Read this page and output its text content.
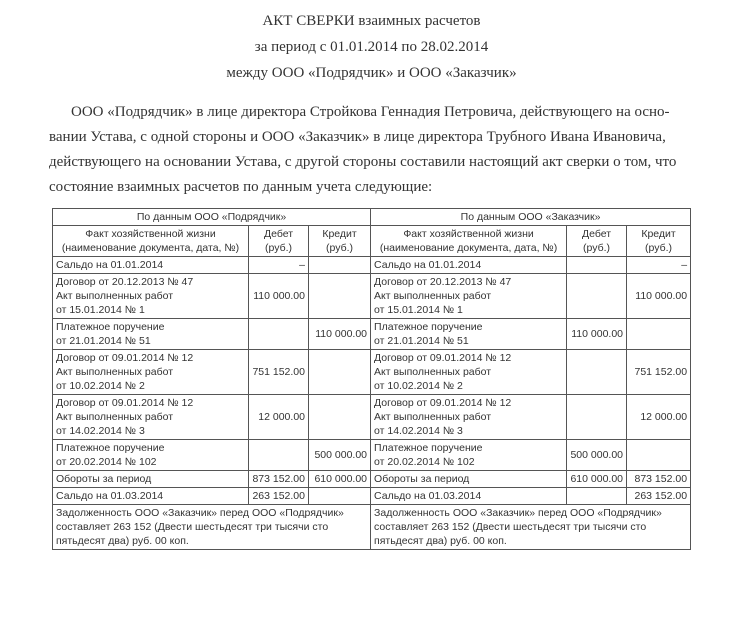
АКТ СВЕРКИ взаимных расчетов
за период с 01.01.2014 по 28.02.2014
между ООО «Подрядчик» и ООО «Заказчик»
ООО «Подрядчик» в лице директора Стройкова Геннадия Петровича, действующего на осно-
вании Устава, с одной стороны и ООО «Заказчик» в лице директора Трубного Ивана Ивановича,
действующего на основании Устава, с другой стороны составили настоящий акт сверки о том, что
состояние взаимных расчетов по данным учета следующие:
По данным ООО «Подрядчик»			По данным ООО «Заказчик»		
Факт хозяйственной жизни (наименование документа, дата, №)	Дебет (руб.)	Кредит (руб.)	Факт хозяйственной жизни (наименование документа, дата, №)	Дебет (руб.)	Кредит (руб.)
Сальдо на 01.01.2014	–		Сальдо на 01.01.2014		–
Договор от 20.12.2013 № 47
Акт выполненных работ
от 15.01.2014 № 1	110 000.00		Договор от 20.12.2013 № 47
Акт выполненных работ
от 15.01.2014 № 1		110 000.00
Платежное поручение
от 21.01.2014 № 51		110 000.00	Платежное поручение
от 21.01.2014 № 51	110 000.00	
Договор от 09.01.2014 № 12
Акт выполненных работ
от 10.02.2014 № 2	751 152.00		Договор от 09.01.2014 № 12
Акт выполненных работ
от 10.02.2014 № 2		751 152.00
Договор от 09.01.2014 № 12
Акт выполненных работ
от 14.02.2014 № 3	12 000.00		Договор от 09.01.2014 № 12
Акт выполненных работ
от 14.02.2014 № 3		12 000.00
Платежное поручение
от 20.02.2014 № 102		500 000.00	Платежное поручение
от 20.02.2014 № 102	500 000.00	
Обороты за период	873 152.00	610 000.00	Обороты за период	610 000.00	873 152.00
Сальдо на 01.03.2014	263 152.00		Сальдо на 01.03.2014		263 152.00
Задолженность ООО «Заказчик» перед ООО «Подрядчик» составляет 263 152 (Двести шестьдесят три тысячи сто пятьдесят два) руб. 00 коп.			Задолженность ООО «Заказчик» перед ООО «Подрядчик» составляет 263 152 (Двести шестьдесят три тысячи сто пятьдесят два) руб. 00 коп.		
